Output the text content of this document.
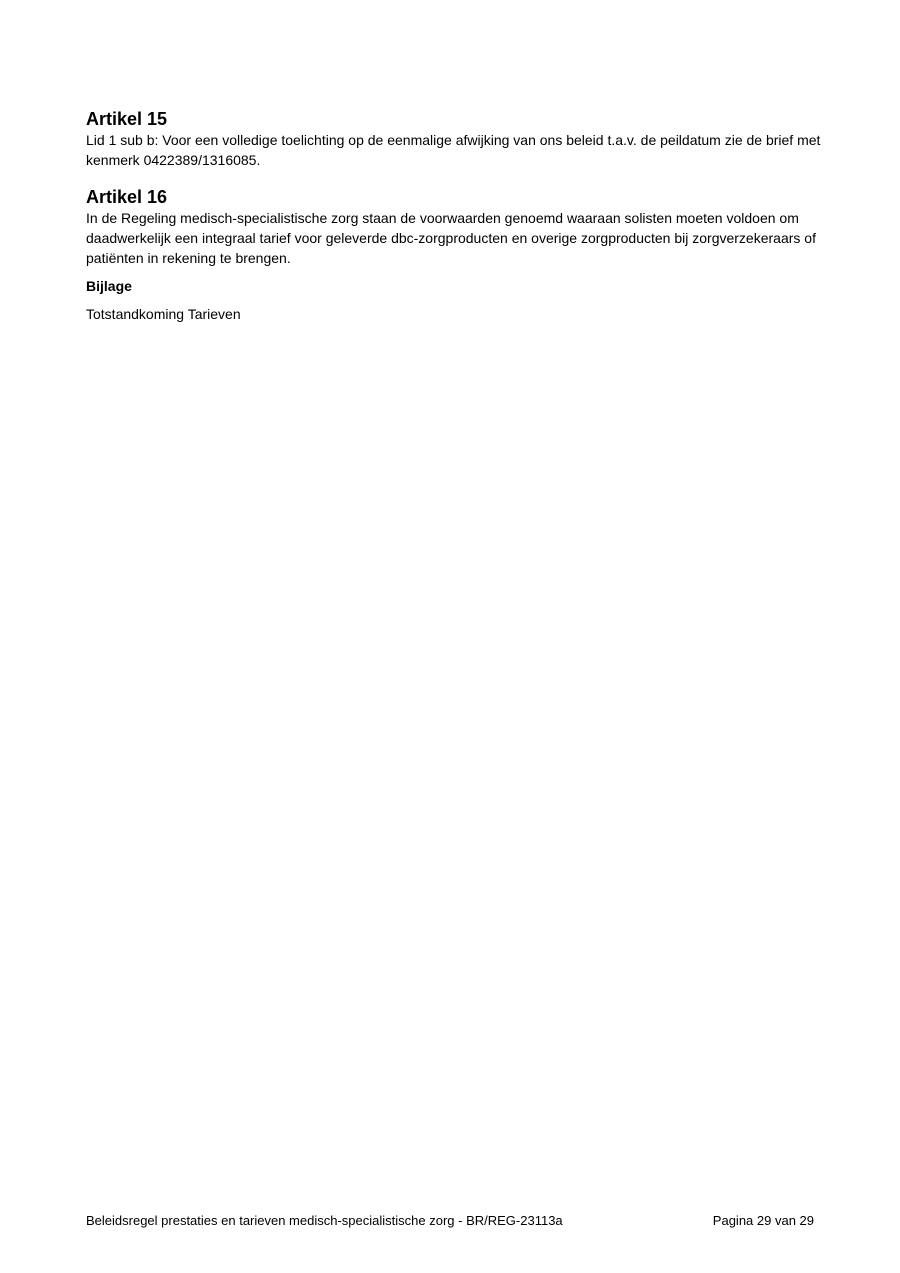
Artikel 15

Lid 1 sub b: Voor een volledige toelichting op de eenmalige afwijking van ons beleid t.a.v. de peildatum zie de brief met kenmerk 0422389/1316085.

Artikel 16

In de Regeling medisch-specialistische zorg staan de voorwaarden genoemd waaraan solisten moeten voldoen om daadwerkelijk een integraal tarief voor geleverde dbc-zorgproducten en overige zorgproducten bij zorgverzekeraars of patiënten in rekening te brengen.

Bijlage

Totstandkoming Tarieven

Beleidsregel prestaties en tarieven medisch-specialistische zorg - BR/REG-23113a	Pagina 29 van 29
